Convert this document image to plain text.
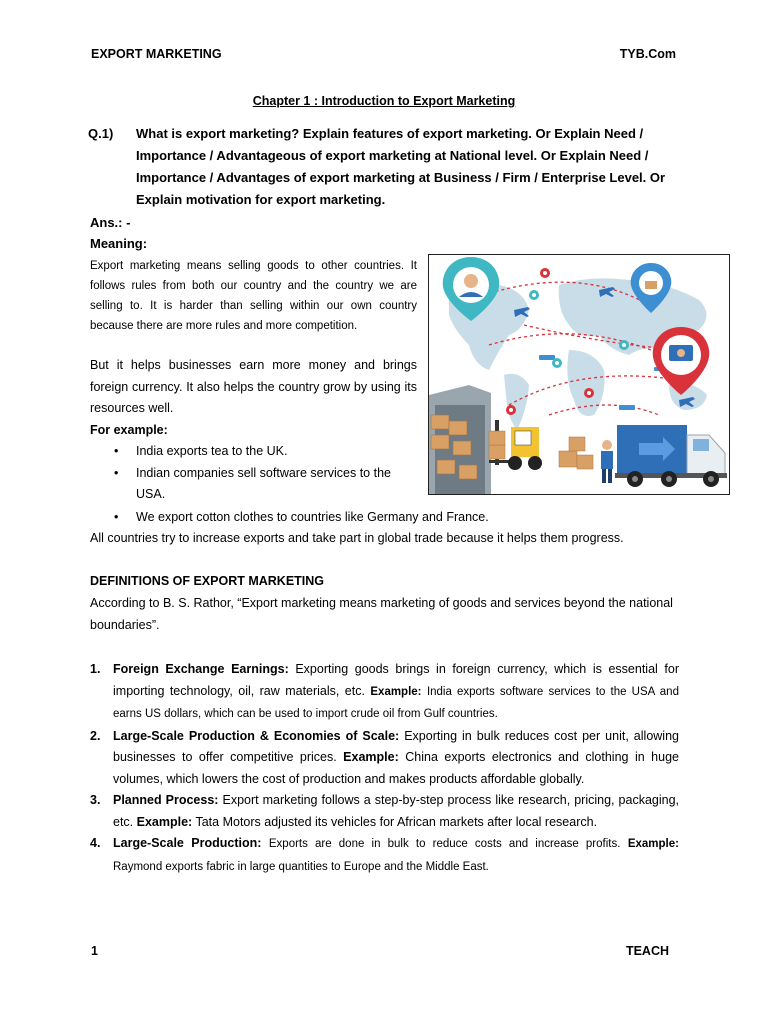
EXPORT MARKETING	TYB.Com
Chapter 1 : Introduction to Export Marketing
Q.1) What is export marketing? Explain features of export marketing. Or Explain Need / Importance / Advantageous of export marketing at National level. Or Explain Need / Importance / Advantages of export marketing at Business / Firm / Enterprise Level. Or Explain motivation for export marketing.
Ans.: -
Meaning:
Export marketing means selling goods to other countries. It follows rules from both our country and the country we are selling to. It is harder than selling within our own country because there are more rules and more competition.
But it helps businesses earn more money and brings foreign currency. It also helps the country grow by using its resources well.
For example:
• India exports tea to the UK.
• Indian companies sell software services to the USA.
• We export cotton clothes to countries like Germany and France.
All countries try to increase exports and take part in global trade because it helps them progress.
DEFINITIONS OF EXPORT MARKETING
According to B. S. Rathor, “Export marketing means marketing of goods and services beyond the national boundaries”.
1. Foreign Exchange Earnings: Exporting goods brings in foreign currency, which is essential for importing technology, oil, raw materials, etc. Example: India exports software services to the USA and earns US dollars, which can be used to import crude oil from Gulf countries.
2. Large-Scale Production & Economies of Scale: Exporting in bulk reduces cost per unit, allowing businesses to offer competitive prices. Example: China exports electronics and clothing in huge volumes, which lowers the cost of production and makes products affordable globally.
3. Planned Process: Export marketing follows a step-by-step process like research, pricing, packaging, etc. Example: Tata Motors adjusted its vehicles for African markets after local research.
4. Large-Scale Production: Exports are done in bulk to reduce costs and increase profits. Example: Raymond exports fabric in large quantities to Europe and the Middle East.
1	TEACH
